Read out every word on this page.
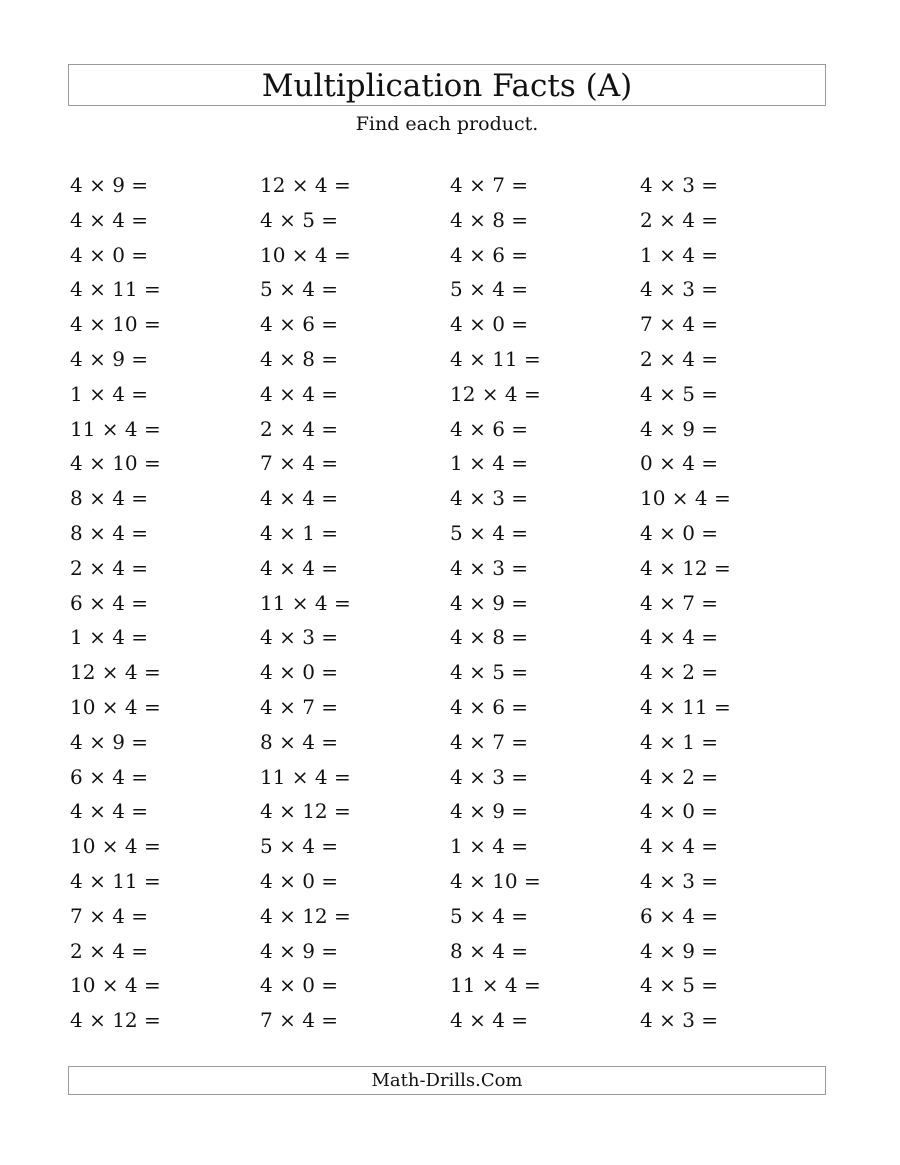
Multiplication Facts (A)
Find each product.
4 × 9 =	12 × 4 =	4 × 7 =	4 × 3 =
4 × 4 =	4 × 5 =	4 × 8 =	2 × 4 =
4 × 0 =	10 × 4 =	4 × 6 =	1 × 4 =
4 × 11 =	5 × 4 =	5 × 4 =	4 × 3 =
4 × 10 =	4 × 6 =	4 × 0 =	7 × 4 =
4 × 9 =	4 × 8 =	4 × 11 =	2 × 4 =
1 × 4 =	4 × 4 =	12 × 4 =	4 × 5 =
11 × 4 =	2 × 4 =	4 × 6 =	4 × 9 =
4 × 10 =	7 × 4 =	1 × 4 =	0 × 4 =
8 × 4 =	4 × 4 =	4 × 3 =	10 × 4 =
8 × 4 =	4 × 1 =	5 × 4 =	4 × 0 =
2 × 4 =	4 × 4 =	4 × 3 =	4 × 12 =
6 × 4 =	11 × 4 =	4 × 9 =	4 × 7 =
1 × 4 =	4 × 3 =	4 × 8 =	4 × 4 =
12 × 4 =	4 × 0 =	4 × 5 =	4 × 2 =
10 × 4 =	4 × 7 =	4 × 6 =	4 × 11 =
4 × 9 =	8 × 4 =	4 × 7 =	4 × 1 =
6 × 4 =	11 × 4 =	4 × 3 =	4 × 2 =
4 × 4 =	4 × 12 =	4 × 9 =	4 × 0 =
10 × 4 =	5 × 4 =	1 × 4 =	4 × 4 =
4 × 11 =	4 × 0 =	4 × 10 =	4 × 3 =
7 × 4 =	4 × 12 =	5 × 4 =	6 × 4 =
2 × 4 =	4 × 9 =	8 × 4 =	4 × 9 =
10 × 4 =	4 × 0 =	11 × 4 =	4 × 5 =
4 × 12 =	7 × 4 =	4 × 4 =	4 × 3 =
Math-Drills.Com
